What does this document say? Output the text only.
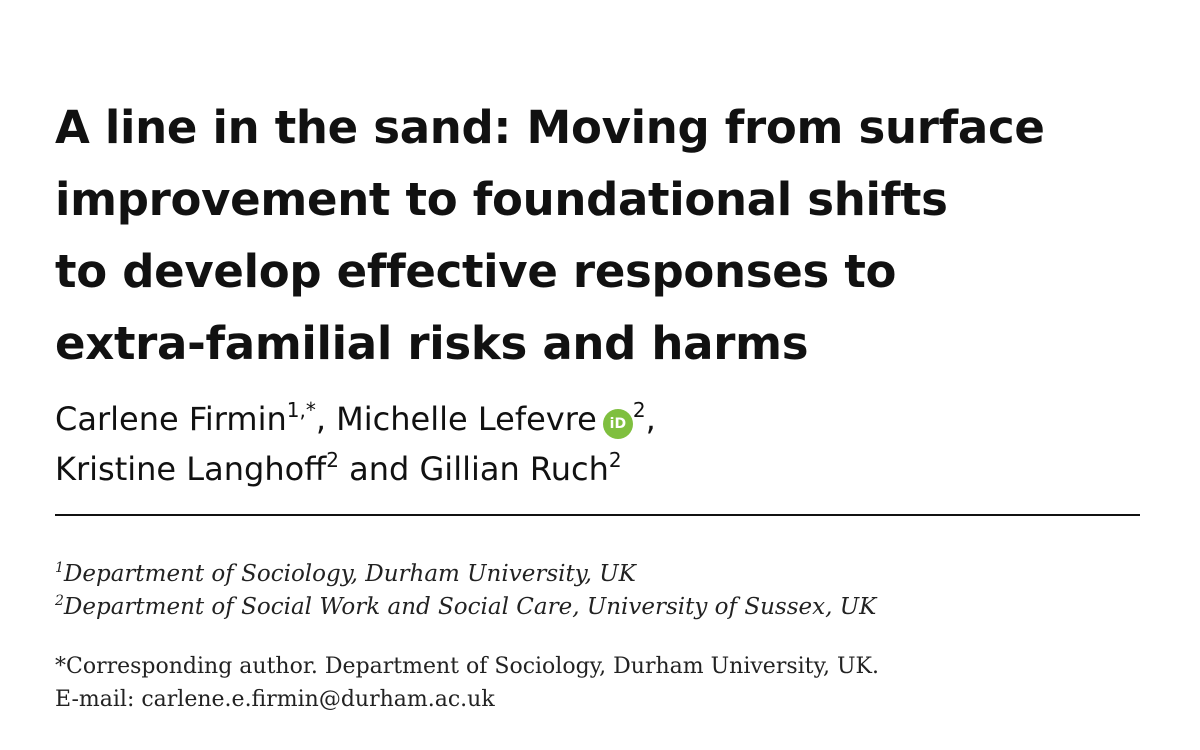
A line in the sand: Moving from surface
improvement to foundational shifts
to develop effective responses to
extra-familial risks and harms
Carlene Firmin$^{1,*}$, Michelle Lefevre $iD^2$,
Kristine Langhoff$^2$ and Gillian Ruch$^2$
$^1$Department of Sociology, Durham University, UK
$^2$Department of Social Work and Social Care, University of Sussex, UK
*Corresponding author. Department of Sociology, Durham University, UK.
E-mail: carlene.e.firmin@durham.ac.uk
